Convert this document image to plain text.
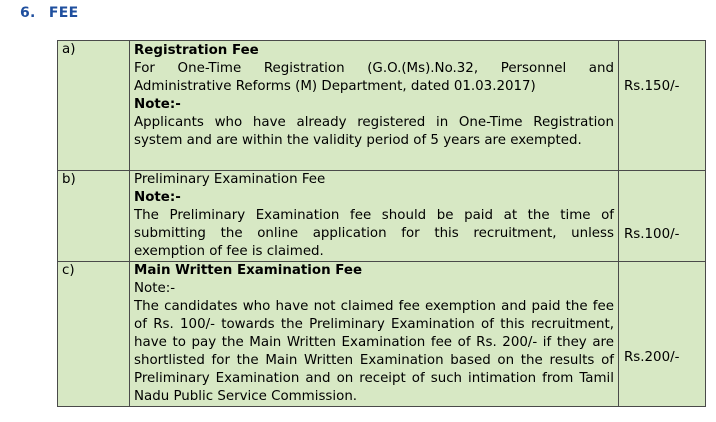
6. FEE
a)	Registration Fee
For One-Time Registration (G.O.(Ms).No.32, Personnel and Administrative Reforms (M) Department, dated 01.03.2017)
Note:-
Applicants who have already registered in One-Time Registration system and are within the validity period of 5 years are exempted.	Rs.150/-
b)	Preliminary Examination Fee
Note:-
The Preliminary Examination fee should be paid at the time of submitting the online application for this recruitment, unless exemption of fee is claimed.	Rs.100/-
c)	Main Written Examination Fee
Note:-
The candidates who have not claimed fee exemption and paid the fee of Rs. 100/- towards the Preliminary Examination of this recruitment, have to pay the Main Written Examination fee of Rs. 200/- if they are shortlisted for the Main Written Examination based on the results of Preliminary Examination and on receipt of such intimation from Tamil Nadu Public Service Commission.	Rs.200/-
